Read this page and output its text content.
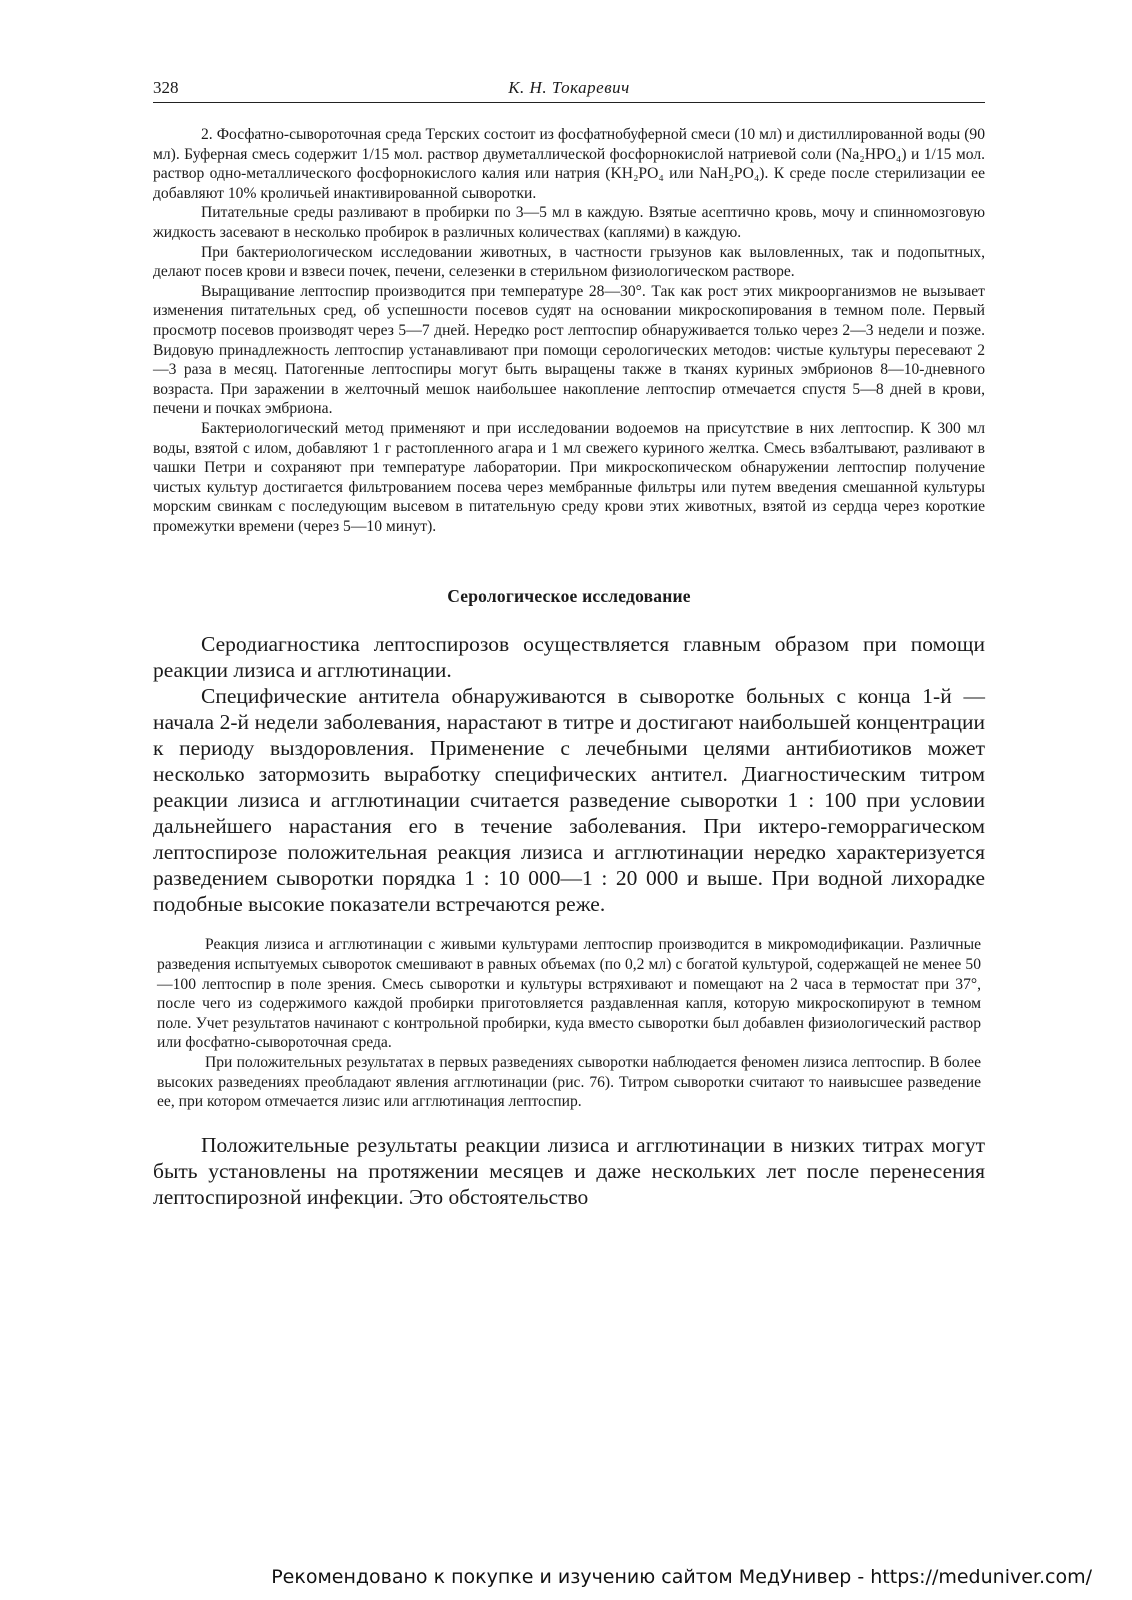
328	К. Н. Токаревич

2. Фосфатно-сывороточная среда Терских состоит из фосфатнобуферной смеси (10 мл) и дистиллированной воды (90 мл). Буферная смесь содержит 1/15 мол. раствор двуметаллической фосфорнокислой натриевой соли (Na₂HPO₄) и 1/15 мол. раствор одно-металлического фосфорнокислого калия или натрия (KH₂PO₄ или NaH₂PO₄). К среде после стерилизации ее добавляют 10% кроличьей инактивированной сыворотки.

Питательные среды разливают в пробирки по 3—5 мл в каждую. Взятые асептично кровь, мочу и спинномозговую жидкость засевают в несколько пробирок в различных количествах (каплями) в каждую.

При бактериологическом исследовании животных, в частности грызунов как выловленных, так и подопытных, делают посев крови и взвеси почек, печени, селезенки в стерильном физиологическом растворе.

Выращивание лептоспир производится при температуре 28—30°. Так как рост этих микроорганизмов не вызывает изменения питательных сред, об успешности посевов судят на основании микроскопирования в темном поле. Первый просмотр посевов производят через 5—7 дней. Нередко рост лептоспир обнаруживается только через 2—3 недели и позже. Видовую принадлежность лептоспир устанавливают при помощи серологических методов: чистые культуры пересевают 2—3 раза в месяц. Патогенные лептоспиры могут быть выращены также в тканях куриных эмбрионов 8—10-дневного возраста. При заражении в желточный мешок наибольшее накопление лептоспир отмечается спустя 5—8 дней в крови, печени и почках эмбриона.

Бактериологический метод применяют и при исследовании водоемов на присутствие в них лептоспир. К 300 мл воды, взятой с илом, добавляют 1 г растопленного агара и 1 мл свежего куриного желтка. Смесь взбалтывают, разливают в чашки Петри и сохраняют при температуре лаборатории. При микроскопическом обнаружении лептоспир получение чистых культур достигается фильтрованием посева через мембранные фильтры или путем введения смешанной культуры морским свинкам с последующим высевом в питательную среду крови этих животных, взятой из сердца через короткие промежутки времени (через 5—10 минут).

Серологическое исследование

Серодиагностика лептоспирозов осуществляется главным образом при помощи реакции лизиса и агглютинации.

Специфические антитела обнаруживаются в сыворотке больных с конца 1-й — начала 2-й недели заболевания, нарастают в титре и достигают наибольшей концентрации к периоду выздоровления. Применение с лечебными целями антибиотиков может несколько затормозить выработку специфических антител. Диагностическим титром реакции лизиса и агглютинации считается разведение сыворотки 1 : 100 при условии дальнейшего нарастания его в течение заболевания. При иктеро-геморрагическом лептоспирозе положительная реакция лизиса и агглютинации нередко характеризуется разведением сыворотки порядка 1 : 10 000—1 : 20 000 и выше. При водной лихорадке подобные высокие показатели встречаются реже.

Реакция лизиса и агглютинации с живыми культурами лептоспир производится в микромодификации. Различные разведения испытуемых сывороток смешивают в равных объемах (по 0,2 мл) с богатой культурой, содержащей не менее 50—100 лептоспир в поле зрения. Смесь сыворотки и культуры встряхивают и помещают на 2 часа в термостат при 37°, после чего из содержимого каждой пробирки приготовляется раздавленная капля, которую микроскопируют в темном поле. Учет результатов начинают с контрольной пробирки, куда вместо сыворотки был добавлен физиологический раствор или фосфатно-сывороточная среда.

При положительных результатах в первых разведениях сыворотки наблюдается феномен лизиса лептоспир. В более высоких разведениях преобладают явления агглютинации (рис. 76). Титром сыворотки считают то наивысшее разведение ее, при котором отмечается лизис или агглютинация лептоспир.

Положительные результаты реакции лизиса и агглютинации в низких титрах могут быть установлены на протяжении месяцев и даже нескольких лет после перенесения лептоспирозной инфекции. Это обстоятельство

Рекомендовано к покупке и изучению сайтом МедУнивер - https://meduniver.com/
